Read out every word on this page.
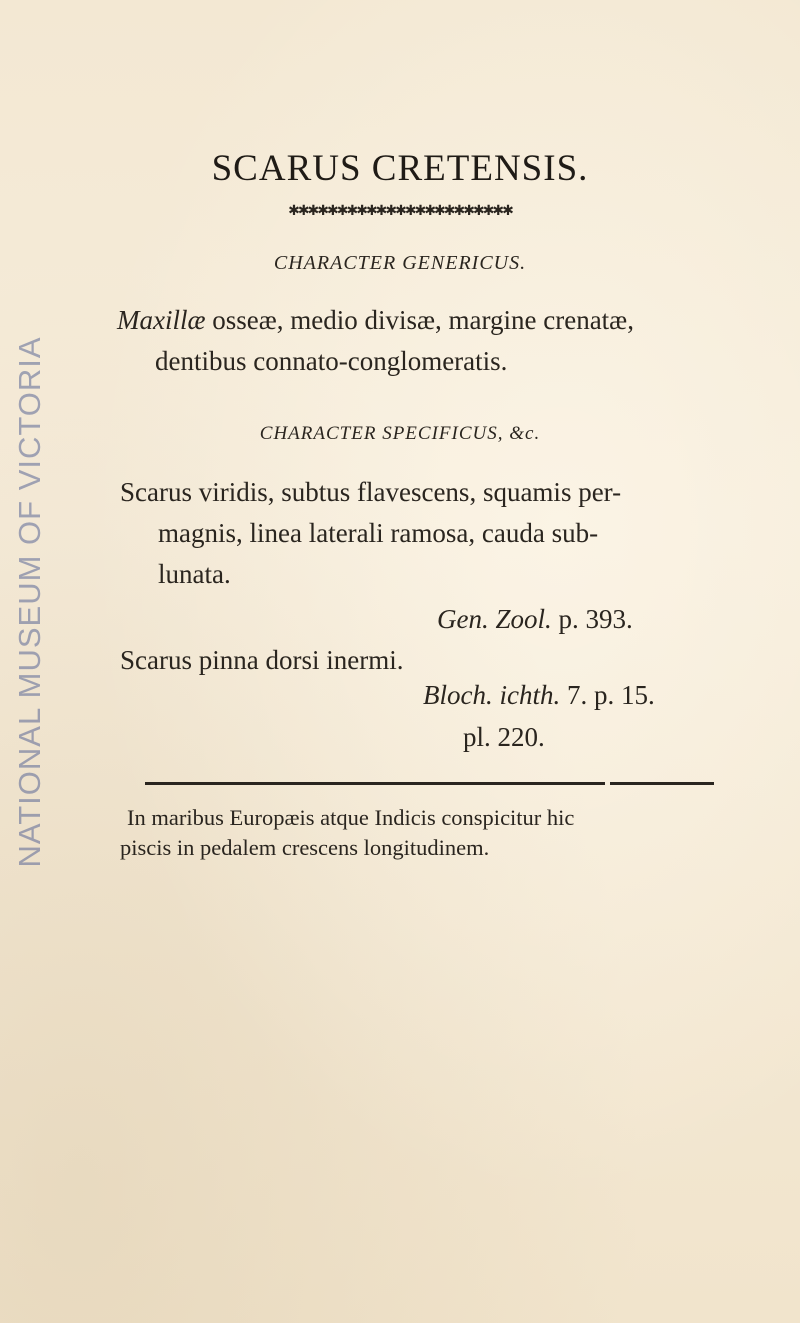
NATIONAL MUSEUM OF VICTORIA
SCARUS CRETENSIS.
✱✱✱✱✱✱✱✱✱✱✱✱✱✱✱✱✱✱✱✱✱✱✱
CHARACTER GENERICUS.
Maxillæ osseæ, medio divisæ, margine crenatæ,
dentibus connato-conglomeratis.
CHARACTER SPECIFICUS, &c.
Scarus viridis, subtus flavescens, squamis per-
magnis, linea laterali ramosa, cauda sub-
lunata.
Gen. Zool. p. 393.
Scarus pinna dorsi inermi.
Bloch. ichth. 7. p. 15.
pl. 220.
In maribus Europæis atque Indicis conspicitur hic
piscis in pedalem crescens longitudinem.
